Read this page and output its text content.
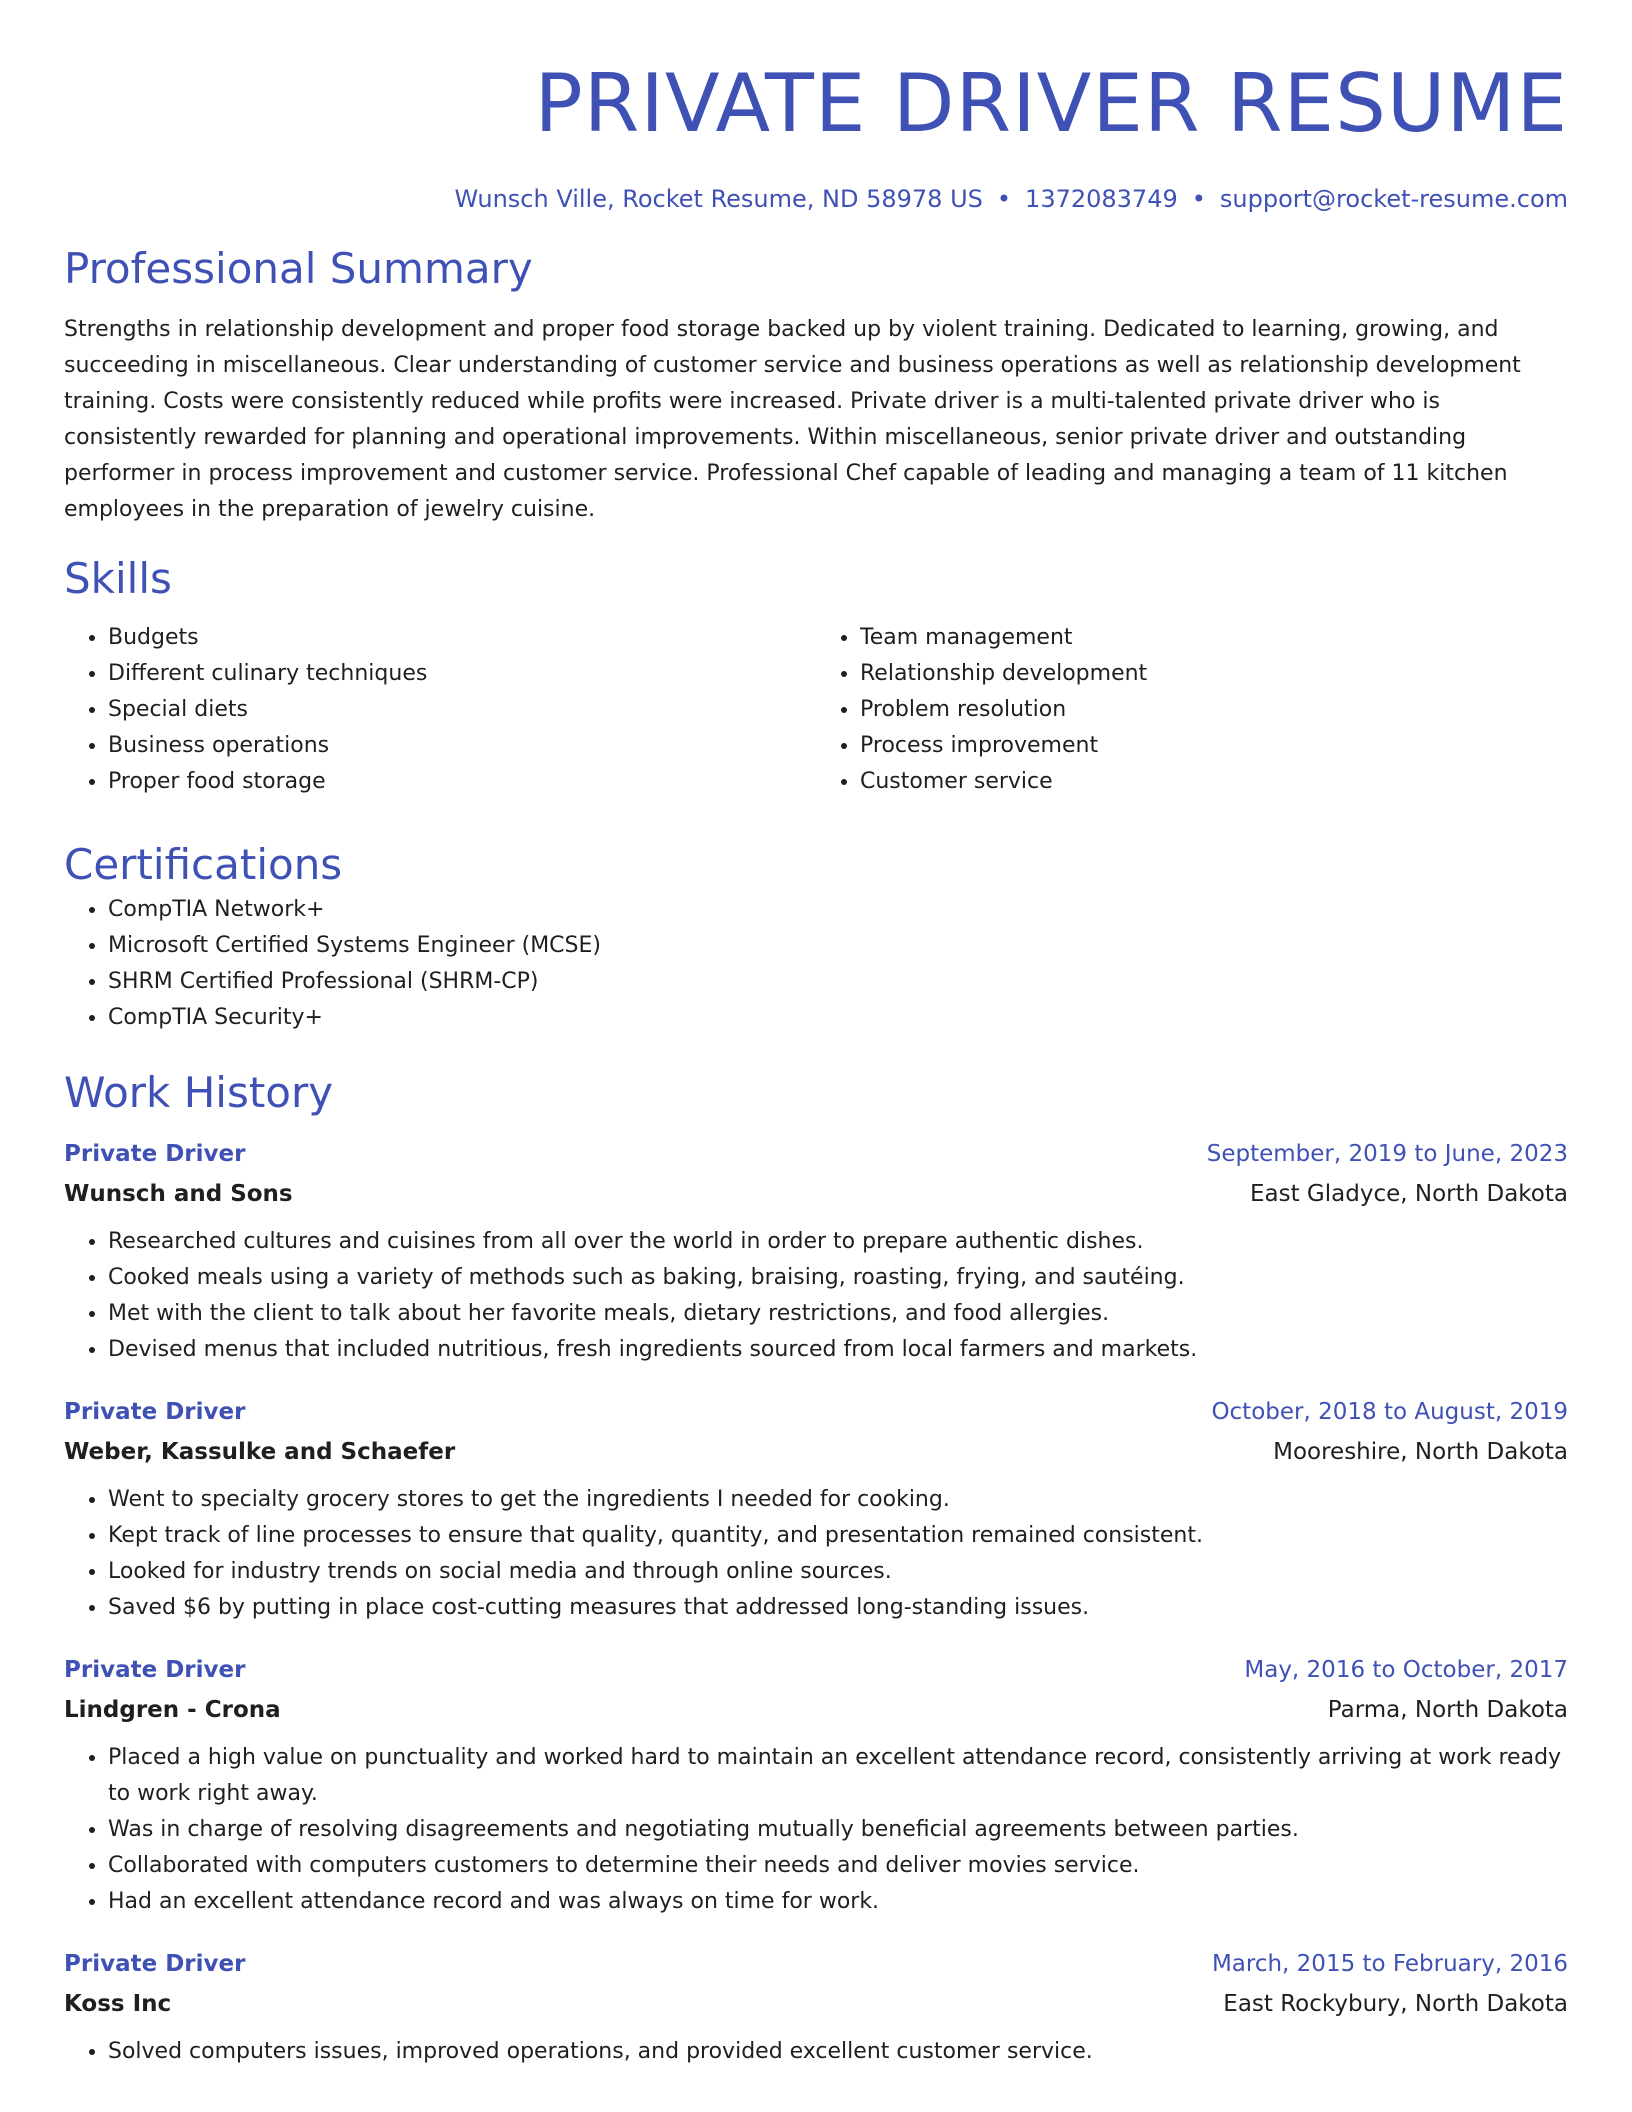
PRIVATE DRIVER RESUME
Wunsch Ville, Rocket Resume, ND 58978 US • 1372083749 • support@rocket-resume.com
Professional Summary

Strengths in relationship development and proper food storage backed up by violent training. Dedicated to learning, growing, and succeeding in miscellaneous. Clear understanding of customer service and business operations as well as relationship development training. Costs were consistently reduced while profits were increased. Private driver is a multi-talented private driver who is consistently rewarded for planning and operational improvements. Within miscellaneous, senior private driver and outstanding performer in process improvement and customer service. Professional Chef capable of leading and managing a team of 11 kitchen employees in the preparation of jewelry cuisine.

Skills
• Budgets
• Different culinary techniques
• Special diets
• Business operations
• Proper food storage
• Team management
• Relationship development
• Problem resolution
• Process improvement
• Customer service
Certifications
• CompTIA Network+
• Microsoft Certified Systems Engineer (MCSE)
• SHRM Certified Professional (SHRM-CP)
• CompTIA Security+
Work History
Private Driver	September, 2019 to June, 2023
Wunsch and Sons	East Gladyce, North Dakota
• Researched cultures and cuisines from all over the world in order to prepare authentic dishes.
• Cooked meals using a variety of methods such as baking, braising, roasting, frying, and sautéing.
• Met with the client to talk about her favorite meals, dietary restrictions, and food allergies.
• Devised menus that included nutritious, fresh ingredients sourced from local farmers and markets.
Private Driver	October, 2018 to August, 2019
Weber, Kassulke and Schaefer	Mooreshire, North Dakota
• Went to specialty grocery stores to get the ingredients I needed for cooking.
• Kept track of line processes to ensure that quality, quantity, and presentation remained consistent.
• Looked for industry trends on social media and through online sources.
• Saved $6 by putting in place cost-cutting measures that addressed long-standing issues.
Private Driver	May, 2016 to October, 2017
Lindgren - Crona	Parma, North Dakota
• Placed a high value on punctuality and worked hard to maintain an excellent attendance record, consistently arriving at work ready to work right away.
• Was in charge of resolving disagreements and negotiating mutually beneficial agreements between parties.
• Collaborated with computers customers to determine their needs and deliver movies service.
• Had an excellent attendance record and was always on time for work.
Private Driver	March, 2015 to February, 2016
Koss Inc	East Rockybury, North Dakota
• Solved computers issues, improved operations, and provided excellent customer service.
